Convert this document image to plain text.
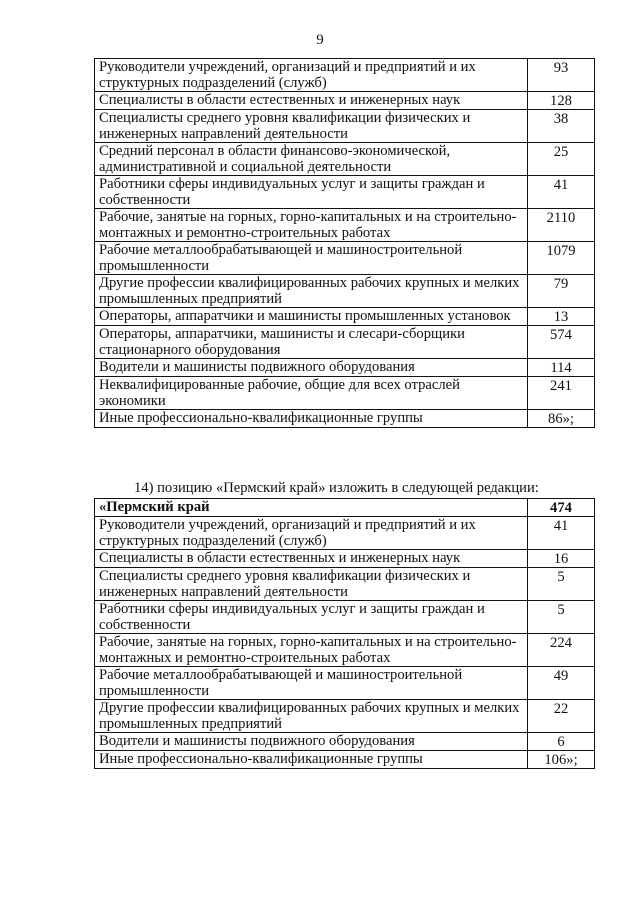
9
Руководители учреждений, организаций и предприятий и их структурных подразделений (служб)	93
Специалисты в области естественных и инженерных наук	128
Специалисты среднего уровня квалификации физических и инженерных направлений деятельности	38
Средний персонал в области финансово-экономической, административной и социальной деятельности	25
Работники сферы индивидуальных услуг и защиты граждан и собственности	41
Рабочие, занятые на горных, горно-капитальных и на строительно-монтажных и ремонтно-строительных работах	2110
Рабочие металлообрабатывающей и машиностроительной промышленности	1079
Другие профессии квалифицированных рабочих крупных и мелких промышленных предприятий	79
Операторы, аппаратчики и машинисты промышленных установок	13
Операторы, аппаратчики, машинисты и слесари-сборщики стационарного оборудования	574
Водители и машинисты подвижного оборудования	114
Неквалифицированные рабочие, общие для всех отраслей экономики	241
Иные профессионально-квалификационные группы	86»;
14) позицию «Пермский край» изложить в следующей редакции:
«Пермский край	474
Руководители учреждений, организаций и предприятий и их структурных подразделений (служб)	41
Специалисты в области естественных и инженерных наук	16
Специалисты среднего уровня квалификации физических и инженерных направлений деятельности	5
Работники сферы индивидуальных услуг и защиты граждан и собственности	5
Рабочие, занятые на горных, горно-капитальных и на строительно-монтажных и ремонтно-строительных работах	224
Рабочие металлообрабатывающей и машиностроительной промышленности	49
Другие профессии квалифицированных рабочих крупных и мелких промышленных предприятий	22
Водители и машинисты подвижного оборудования	6
Иные профессионально-квалификационные группы	106»;
